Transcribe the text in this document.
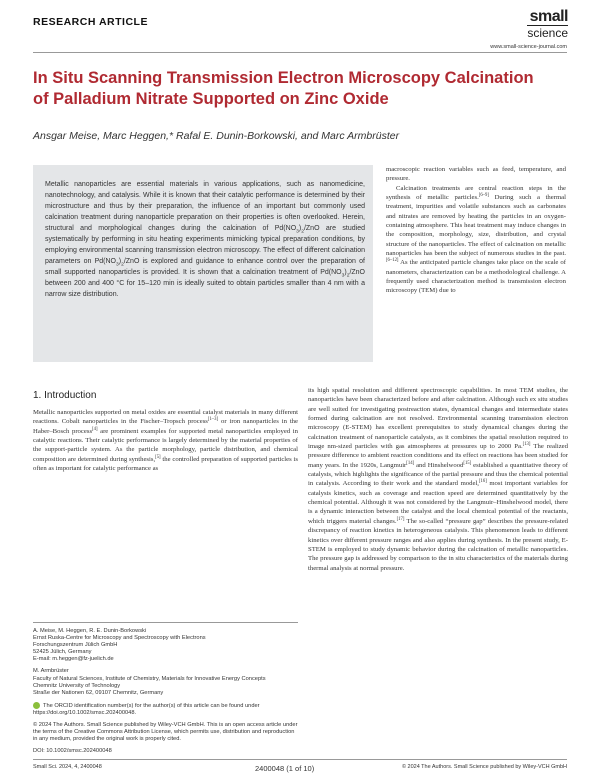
RESEARCH ARTICLE	small
science
www.small-science-journal.com
In Situ Scanning Transmission Electron Microscopy Calcination of Palladium Nitrate Supported on Zinc Oxide
Ansgar Meise, Marc Heggen,* Rafal E. Dunin-Borkowski, and Marc Armbrüster

Metallic nanoparticles are essential materials in various applications, such as nanomedicine, nanotechnology, and catalysis. While it is known that their catalytic performance is determined by their microstructure and thus by their preparation, the influence of an important but commonly used calcination treatment during nanoparticle preparation on their properties is often overlooked. Herein, structural and morphological changes during the calcination of $Pd(NO_3)_2$/ZnO are studied systematically by performing in situ heating experiments mimicking typical preparation conditions, by employing environmental scanning transmission electron microscopy. The effect of different calcination parameters on $Pd(NO_3)_2$/ZnO is explored and guidance to enhance control over the preparation of small supported nanoparticles is provided. It is shown that a calcination treatment of $Pd(NO_3)_2$/ZnO between 200 and 400 °C for 15–120 min is ideally suited to obtain particles smaller than 4 nm with a narrow size distribution.

1. Introduction

Metallic nanoparticles supported on metal oxides are essential catalyst materials in many different reactions. Cobalt nanoparticles in the Fischer–Tropsch process[1–3] or iron nanoparticles in the Haber–Bosch process[4] are prominent examples for supported metal nanoparticles employed in catalytic reactions. Their catalytic performance is largely determined by the material properties of the support-particle system. As the particle morphology, particle distribution, and chemical composition are determined during synthesis,[5] the controlled preparation of supported particles is often as important for catalytic performance as

A. Meise, M. Heggen, R. E. Dunin-Borkowski

Ernst Ruska-Centre for Microscopy and Spectroscopy with Electrons

Forschungszentrum Jülich GmbH

52425 Jülich, Germany

E-mail: m.heggen@fz-juelich.de

M. Armbrüster

Faculty of Natural Sciences, Institute of Chemistry, Materials for Innovative Energy Concepts

Chemnitz University of Technology

Straße der Nationen 62, 09107 Chemnitz, Germany

The ORCID identification number(s) for the author(s) of this article can be found under https://doi.org/10.1002/smsc.202400048.

© 2024 The Authors. Small Science published by Wiley-VCH GmbH. This is an open access article under the terms of the Creative Commons Attribution License, which permits use, distribution and reproduction in any medium, provided the original work is properly cited.

DOI: 10.1002/smsc.202400048

macroscopic reaction variables such as feed, temperature, and pressure.

Calcination treatments are central reaction steps in the synthesis of metallic particles.[6–9] During such a thermal treatment, impurities and volatile substances such as carbonates and nitrates are removed by heating the particles in an oxygen-containing atmosphere. This heat treatment may induce changes in the composition, morphology, size, distribution, and crystal structure of the nanoparticles. The effect of calcination on metallic nanoparticles has been the subject of numerous studies in the past.[6–12] As the anticipated particle changes take place on the scale of nanometers, characterization can be a methodological challenge. A frequently used characterization method is transmission electron microscopy (TEM) due to

its high spatial resolution and different spectroscopic capabilities. In most TEM studies, the nanoparticles have been characterized before and after calcination. Although such ex situ studies are well suited for investigating postreaction states, dynamical changes and intermediate states formed during calcination are not resolved. Environmental scanning transmission electron microscopy (E-STEM) has excellent prerequisites to study dynamical changes during the calcination treatment of nanoparticle catalysts, as it combines the spatial resolution required to image nm-sized particles with gas atmospheres at pressures up to 2000 Pa.[13] The realized pressure difference to ambient reaction conditions and its effect on reactions has been studied for many years. In the 1920s, Langmuir[14] and Hinshelwood[15] established a quantitative theory of catalysis, which highlights the significance of the partial pressure and thus the chemical potential in catalysis. According to their work and the standard model,[16] most important variables for catalysis kinetics, such as coverage and reaction speed are determined quantitatively by the chemical potential. Although it was not considered by the Langmuir–Hinshelwood model, there is a dynamic interaction between the catalyst and the local chemical potential of the reactants, which triggers material changes.[17] The so-called “pressure gap” describes the pressure-related discrepancy of reaction kinetics in heterogeneous catalysis. This phenomenon leads to different kinetics over different pressure ranges and also applies during synthesis. In the present study, E-STEM is employed to study dynamic behavior during the calcination of metallic nanoparticles. The pressure gap is addressed by comparison to the in situ characteristics of the materials during thermal analysis at normal pressure.

Small Sci. 2024, 4, 2400048	2400048 (1 of 10)	© 2024 The Authors. Small Science published by Wiley-VCH GmbH
